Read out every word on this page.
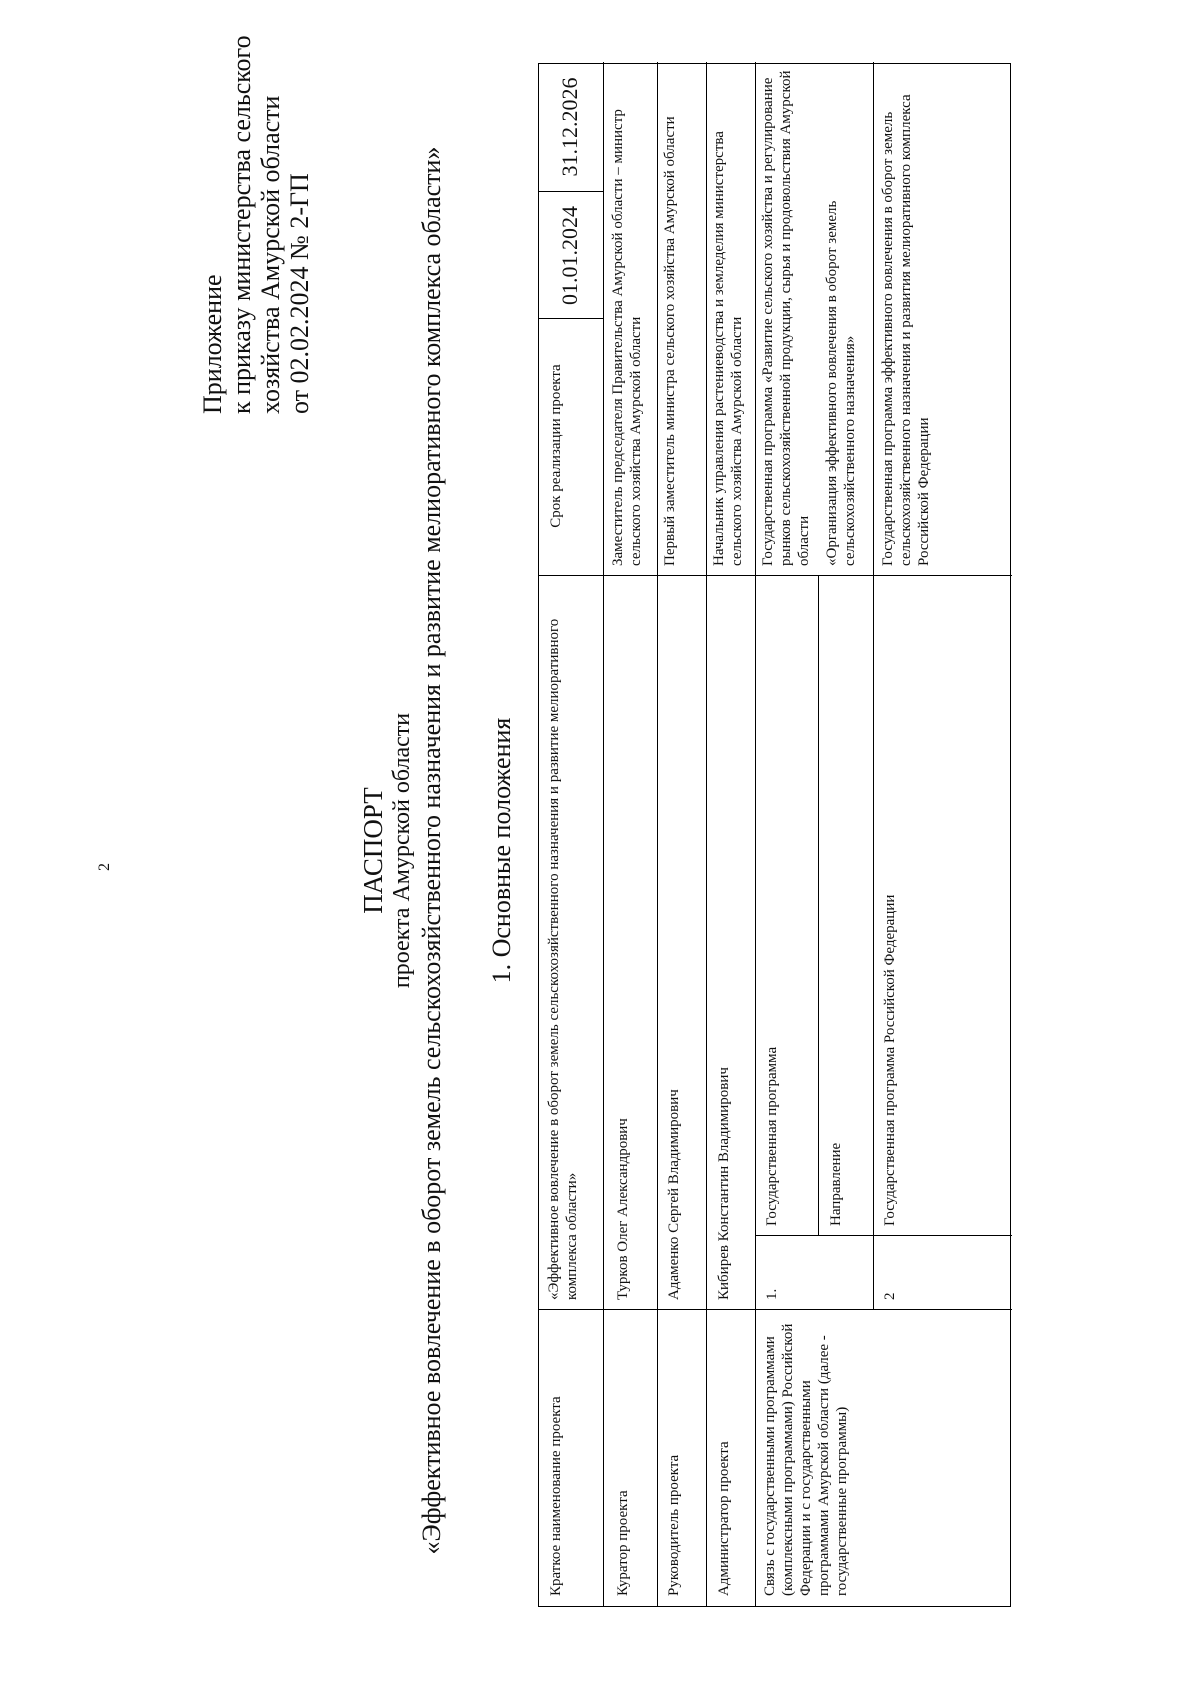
2
Приложение к приказу министерства сельского хозяйства Амурской области от 02.02.2024 № 2-ГП
ПАСПОРТ проекта Амурской области «Эффективное вовлечение в оборот земель сельскохозяйственного назначения и развитие мелиоративного комплекса области» 1. Основные положения
Краткое наименование проекта
«Эффективное вовлечение в оборот земель сельскохозяйственного назначения и развитие мелиоративного комплекса области»
Срок реализации проекта
01.01.2024
31.12.2026
Куратор проекта
Турков Олег Александрович
Заместитель председателя Правительства Амурской области – министр сельского хозяйства Амурской области
Руководитель проекта
Адаменко Сергей Владимирович
Первый заместитель министра сельского хозяйства Амурской области
Администратор проекта
Кибирев Константин Владимирович
Начальник управления растениеводства и земледелия министерства сельского хозяйства Амурской области
Связь с государственными программами (комплексными программами) Российской Федерации и с государственными программами Амурской области (далее - государственные программы)
1.
Государственная программа
Государственная программа «Развитие сельского хозяйства и регулирование рынков сельскохозяйственной продукции, сырья и продовольствия Амурской области
Направление
«Организация эффективного вовлечения в оборот земель сельскохозяйственного назначения»
2
Государственная программа Российской Федерации
Государственная программа эффективного вовлечения в оборот земель сельскохозяйственного назначения и развития мелиоративного комплекса Российской Федерации
